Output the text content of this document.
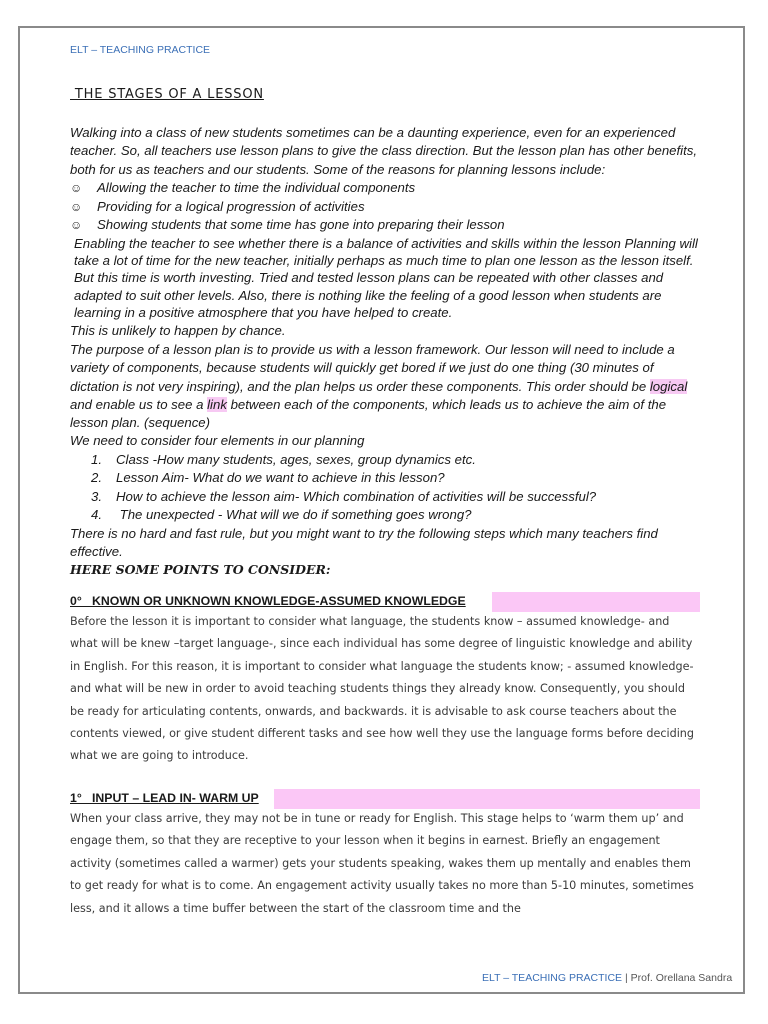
ELT – TEACHING PRACTICE
THE STAGES OF A LESSON
Walking into a class of new students sometimes can be a daunting experience, even for an experienced teacher. So, all teachers use lesson plans to give the class direction. But the lesson plan has other benefits, both for us as teachers and our students. Some of the reasons for planning lessons include:
☺	Allowing the teacher to time the individual components
☺	Providing for a logical progression of activities
☺	Showing students that some time has gone into preparing their lesson
Enabling the teacher to see whether there is a balance of activities and skills within the lesson Planning will take a lot of time for the new teacher, initially perhaps as much time to plan one lesson as the lesson itself. But this time is worth investing. Tried and tested lesson plans can be repeated with other classes and adapted to suit other levels. Also, there is nothing like the feeling of a good lesson when students are learning in a positive atmosphere that you have helped to create.
This is unlikely to happen by chance.
The purpose of a lesson plan is to provide us with a lesson framework. Our lesson will need to include a variety of components, because students will quickly get bored if we just do one thing (30 minutes of dictation is not very inspiring), and the plan helps us order these components. This order should be logical and enable us to see a link between each of the components, which leads us to achieve the aim of the lesson plan. (sequence)
We need to consider four elements in our planning
1.	Class -How many students, ages, sexes, group dynamics etc.
2.	Lesson Aim- What do we want to achieve in this lesson?
3.	How to achieve the lesson aim- Which combination of activities will be successful?
4.	The unexpected - What will we do if something goes wrong?
There is no hard and fast rule, but you might want to try the following steps which many teachers find effective.
HERE SOME POINTS TO CONSIDER:
0°   KNOWN OR UNKNOWN KNOWLEDGE-ASSUMED KNOWLEDGE
Before the lesson it is important to consider what language, the students know – assumed knowledge- and what will be knew –target language-, since each individual has some degree of linguistic knowledge and ability in English. For this reason, it is important to consider what language the students know; - assumed knowledge- and what will be new in order to avoid teaching students things they already know. Consequently, you should be ready for articulating contents, onwards, and backwards. it is advisable to ask course teachers about the contents viewed, or give student different tasks and see how well they use the language forms before deciding what we are going to introduce.
1°   INPUT – LEAD IN- WARM UP
When your class arrive, they may not be in tune or ready for English. This stage helps to ‘warm them up’ and engage them, so that they are receptive to your lesson when it begins in earnest. Briefly an engagement activity (sometimes called a warmer) gets your students speaking, wakes them up mentally and enables them to get ready for what is to come. An engagement activity usually takes no more than 5-10 minutes, sometimes less, and it allows a time buffer between the start of the classroom time and the
ELT – TEACHING PRACTICE | Prof. Orellana Sandra
